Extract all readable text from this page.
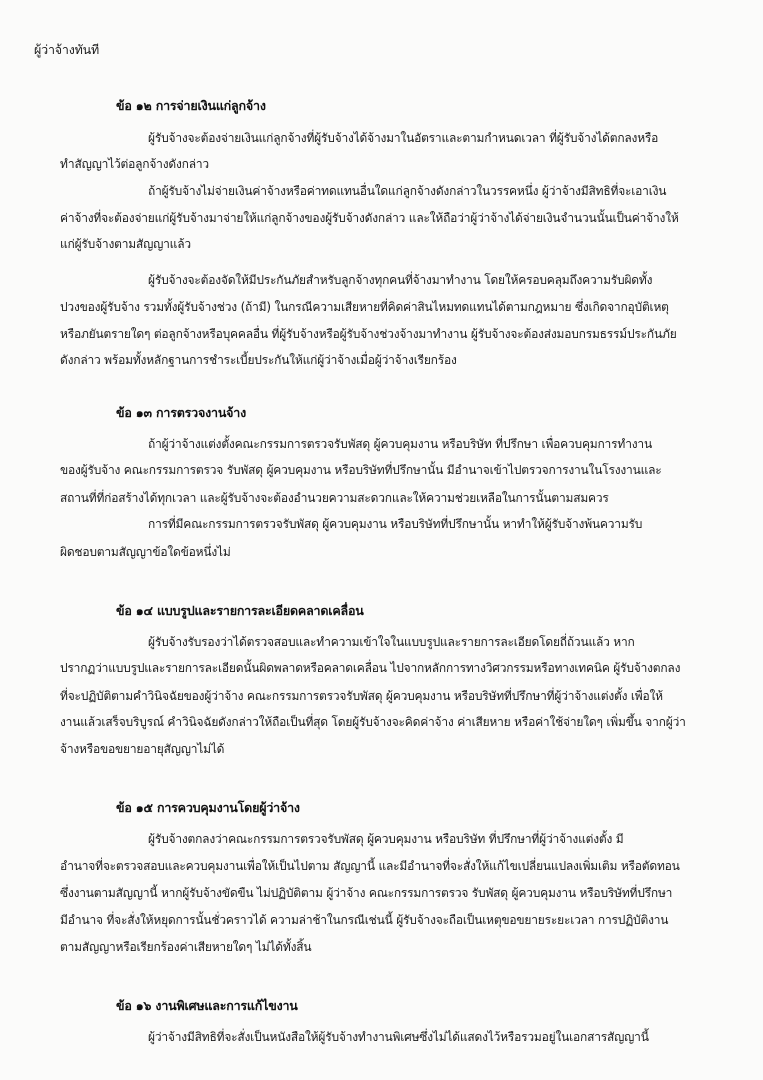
ผู้ว่าจ้างทันที
ข้อ ๑๒ การจ่ายเงินแก่ลูกจ้าง
ผู้รับจ้างจะต้องจ่ายเงินแก่ลูกจ้างที่ผู้รับจ้างได้จ้างมาในอัตราและตามกำหนดเวลา ที่ผู้รับจ้างได้ตกลงหรือ
ทำสัญญาไว้ต่อลูกจ้างดังกล่าว
ถ้าผู้รับจ้างไม่จ่ายเงินค่าจ้างหรือค่าทดแทนอื่นใดแก่ลูกจ้างดังกล่าวในวรรคหนึ่ง ผู้ว่าจ้างมีสิทธิที่จะเอาเงิน
ค่าจ้างที่จะต้องจ่ายแก่ผู้รับจ้างมาจ่ายให้แก่ลูกจ้างของผู้รับจ้างดังกล่าว และให้ถือว่าผู้ว่าจ้างได้จ่ายเงินจำนวนนั้นเป็นค่าจ้างให้
แก่ผู้รับจ้างตามสัญญาแล้ว
ผู้รับจ้างจะต้องจัดให้มีประกันภัยสำหรับลูกจ้างทุกคนที่จ้างมาทำงาน โดยให้ครอบคลุมถึงความรับผิดทั้ง
ปวงของผู้รับจ้าง รวมทั้งผู้รับจ้างช่วง (ถ้ามี) ในกรณีความเสียหายที่คิดค่าสินไหมทดแทนได้ตามกฎหมาย ซึ่งเกิดจากอุบัติเหตุ
หรือภยันตรายใดๆ ต่อลูกจ้างหรือบุคคลอื่น ที่ผู้รับจ้างหรือผู้รับจ้างช่วงจ้างมาทำงาน ผู้รับจ้างจะต้องส่งมอบกรมธรรม์ประกันภัย
ดังกล่าว พร้อมทั้งหลักฐานการชำระเบี้ยประกันให้แก่ผู้ว่าจ้างเมื่อผู้ว่าจ้างเรียกร้อง
ข้อ ๑๓ การตรวจงานจ้าง
ถ้าผู้ว่าจ้างแต่งตั้งคณะกรรมการตรวจรับพัสดุ ผู้ควบคุมงาน หรือบริษัท ที่ปรึกษา เพื่อควบคุมการทำงาน
ของผู้รับจ้าง คณะกรรมการตรวจ รับพัสดุ ผู้ควบคุมงาน หรือบริษัทที่ปรึกษานั้น มีอำนาจเข้าไปตรวจการงานในโรงงานและ
สถานที่ที่ก่อสร้างได้ทุกเวลา และผู้รับจ้างจะต้องอำนวยความสะดวกและให้ความช่วยเหลือในการนั้นตามสมควร
การที่มีคณะกรรมการตรวจรับพัสดุ ผู้ควบคุมงาน หรือบริษัทที่ปรึกษานั้น หาทำให้ผู้รับจ้างพ้นความรับ
ผิดชอบตามสัญญาข้อใดข้อหนึ่งไม่
ข้อ ๑๔ แบบรูปและรายการละเอียดคลาดเคลื่อน
ผู้รับจ้างรับรองว่าได้ตรวจสอบและทำความเข้าใจในแบบรูปและรายการละเอียดโดยถี่ถ้วนแล้ว หาก
ปรากฏว่าแบบรูปและรายการละเอียดนั้นผิดพลาดหรือคลาดเคลื่อน ไปจากหลักการทางวิศวกรรมหรือทางเทคนิค ผู้รับจ้างตกลง
ที่จะปฏิบัติตามคำวินิจฉัยของผู้ว่าจ้าง คณะกรรมการตรวจรับพัสดุ ผู้ควบคุมงาน หรือบริษัทที่ปรึกษาที่ผู้ว่าจ้างแต่งตั้ง เพื่อให้
งานแล้วเสร็จบริบูรณ์ คำวินิจฉัยดังกล่าวให้ถือเป็นที่สุด โดยผู้รับจ้างจะคิดค่าจ้าง ค่าเสียหาย หรือค่าใช้จ่ายใดๆ เพิ่มขึ้น จากผู้ว่า
จ้างหรือขอขยายอายุสัญญาไม่ได้
ข้อ ๑๕ การควบคุมงานโดยผู้ว่าจ้าง
ผู้รับจ้างตกลงว่าคณะกรรมการตรวจรับพัสดุ ผู้ควบคุมงาน หรือบริษัท ที่ปรึกษาที่ผู้ว่าจ้างแต่งตั้ง มี
อำนาจที่จะตรวจสอบและควบคุมงานเพื่อให้เป็นไปตาม สัญญานี้ และมีอำนาจที่จะสั่งให้แก้ไขเปลี่ยนแปลงเพิ่มเติม หรือตัดทอน
ซึ่งงานตามสัญญานี้ หากผู้รับจ้างขัดขืน ไม่ปฏิบัติตาม ผู้ว่าจ้าง คณะกรรมการตรวจ รับพัสดุ ผู้ควบคุมงาน หรือบริษัทที่ปรึกษา
มีอำนาจ ที่จะสั่งให้หยุดการนั้นชั่วคราวได้ ความล่าช้าในกรณีเช่นนี้ ผู้รับจ้างจะถือเป็นเหตุขอขยายระยะเวลา การปฏิบัติงาน
ตามสัญญาหรือเรียกร้องค่าเสียหายใดๆ ไม่ได้ทั้งสิ้น
ข้อ ๑๖ งานพิเศษและการแก้ไขงาน
ผู้ว่าจ้างมีสิทธิที่จะสั่งเป็นหนังสือให้ผู้รับจ้างทำงานพิเศษซึ่งไม่ได้แสดงไว้หรือรวมอยู่ในเอกสารสัญญานี้
